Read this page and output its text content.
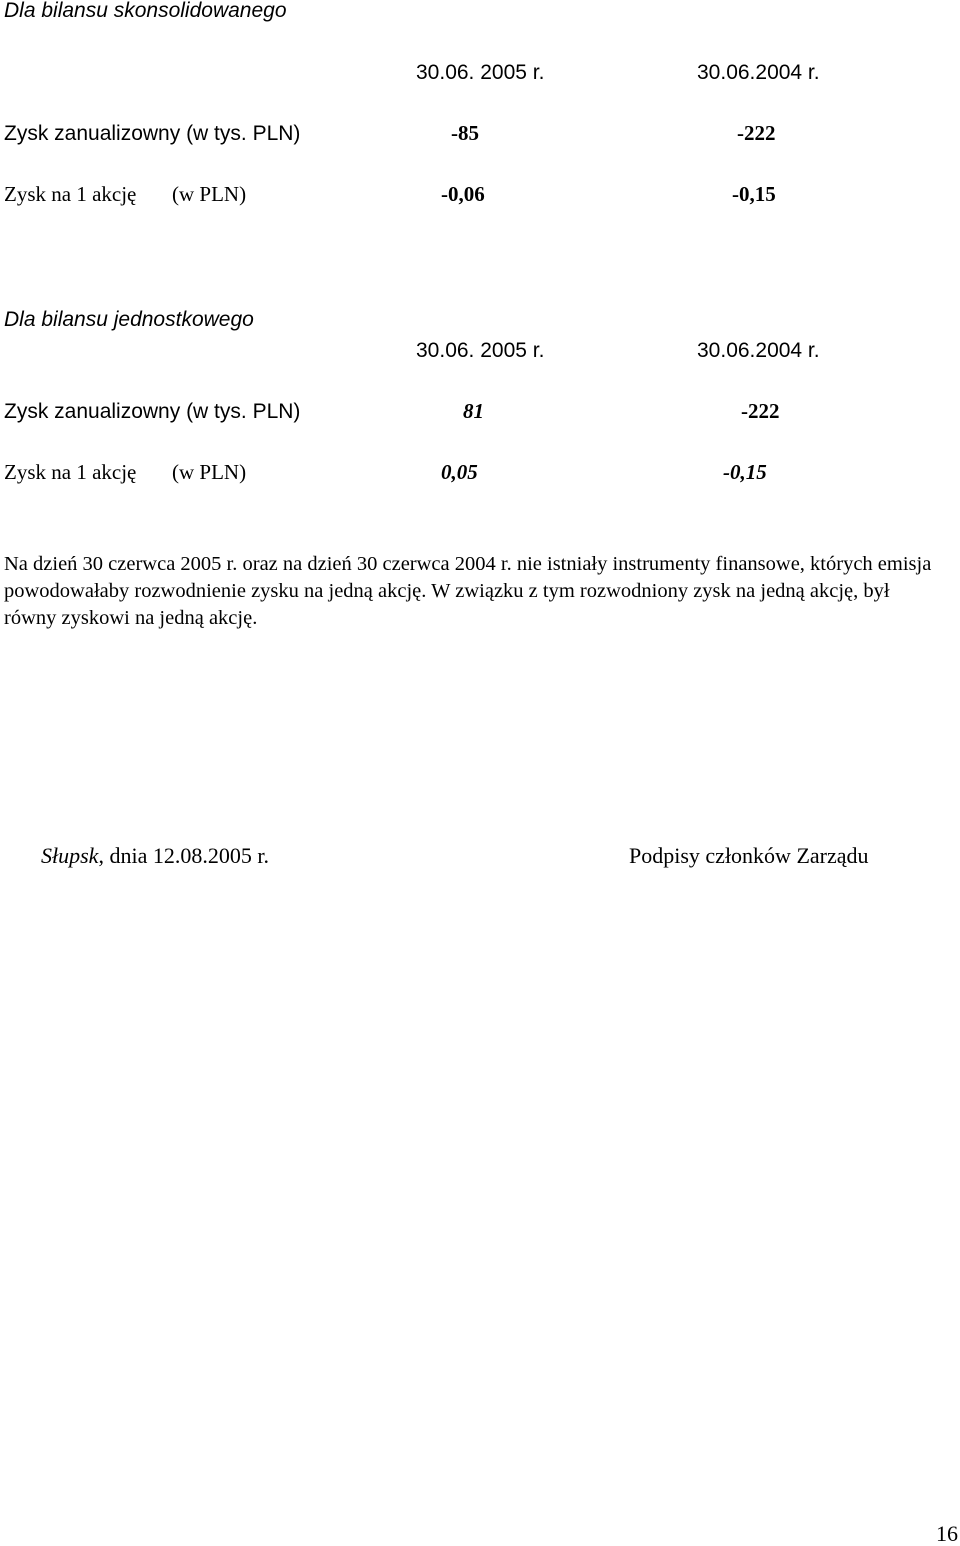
Dla bilansu skonsolidowanego
30.06. 2005 r.	30.06.2004 r.
Zysk zanualizowny (w tys. PLN)	-85	-222
Zysk na 1 akcję (w PLN)	-0,06	-0,15
Dla bilansu jednostkowego
30.06. 2005 r.	30.06.2004 r.
Zysk zanualizowny (w tys. PLN)	81	-222
Zysk na 1 akcję (w PLN)	0,05	-0,15
Na dzień 30 czerwca 2005 r. oraz na dzień 30 czerwca 2004 r. nie istniały instrumenty finansowe, których emisja powodowałaby rozwodnienie zysku na jedną akcję. W związku z tym rozwodniony zysk na jedną akcję, był równy zyskowi na jedną akcję.
Słupsk, dnia 12.08.2005 r.	Podpisy członków Zarządu
16
